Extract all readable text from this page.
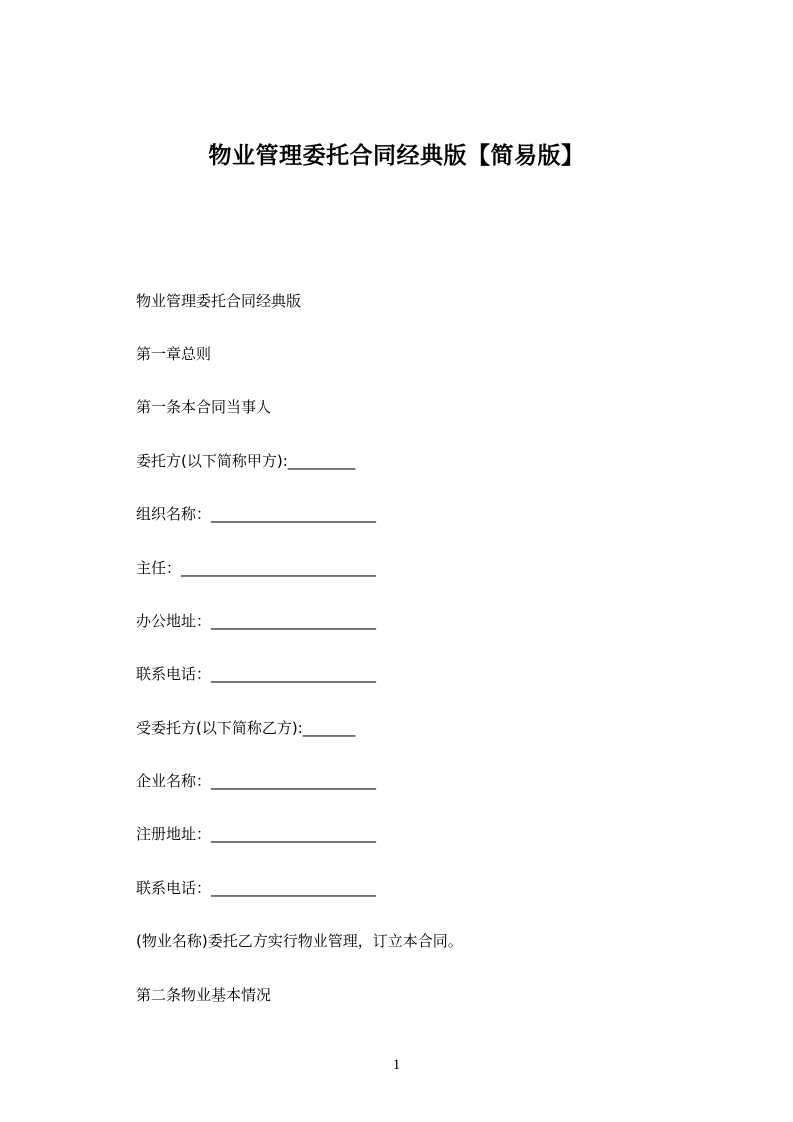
物业管理委托合同经典版【简易版】
物业管理委托合同经典版
第一章总则
第一条本合同当事人
委托方(以下简称甲方):_________
组织名称：______________________
主任：__________________________
办公地址：______________________
联系电话：______________________
受委托方(以下简称乙方):_______
企业名称：______________________
注册地址：______________________
联系电话：______________________
(物业名称)委托乙方实行物业管理，订立本合同。
第二条物业基本情况
1
